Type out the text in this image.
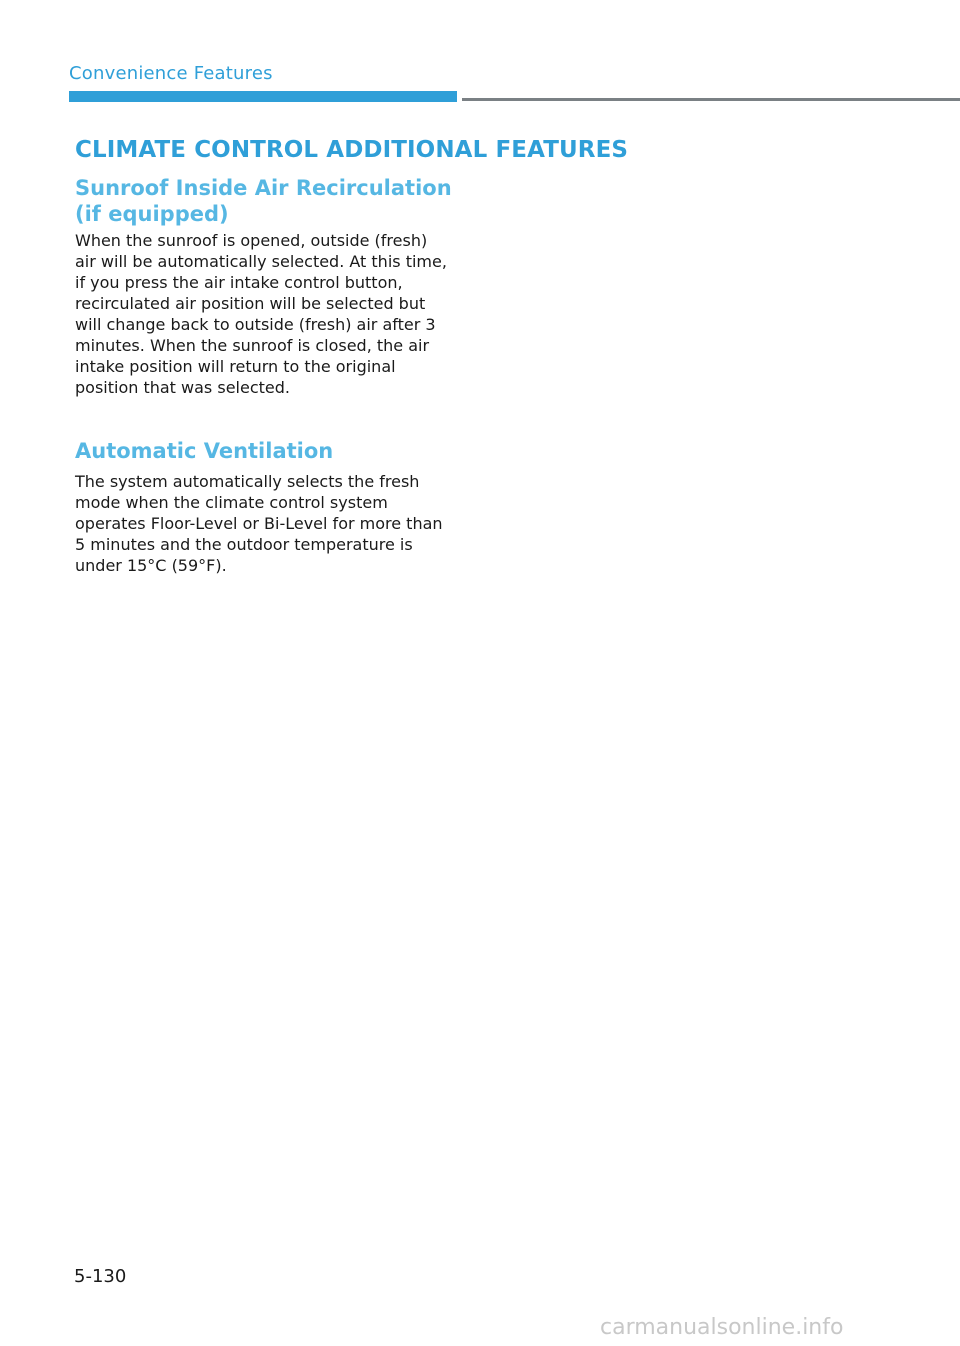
Convenience Features
CLIMATE CONTROL ADDITIONAL FEATURES
Sunroof Inside Air Recirculation
(if equipped)
When the sunroof is opened, outside (fresh) air will be automatically selected. At this time, if you press the air intake control button, recirculated air position will be selected but will change back to outside (fresh) air after 3 minutes. When the sunroof is closed, the air intake position will return to the original position that was selected.
Automatic Ventilation
The system automatically selects the fresh mode when the climate control system operates Floor-Level or Bi-Level for more than 5 minutes and the outdoor temperature is under 15°C (59°F).
5-130
carmanualsonline.info
